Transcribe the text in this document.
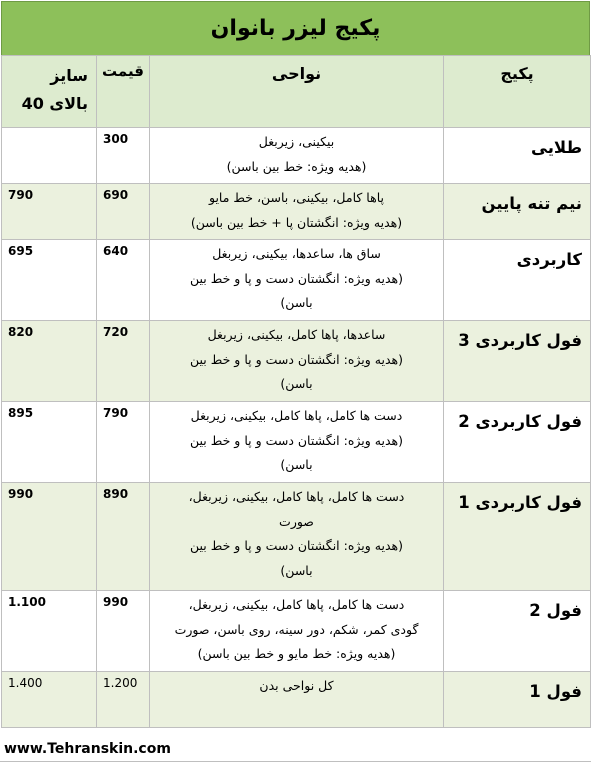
پکیج لیزر بانوان
پکیج	نواحی	قیمت	سایز
بالای 40

طلایی	بیکینی، زیربغل
(هدیه ویژه: خط بین باسن)	300	
نیم تنه پایین	پاها کامل، بیکینی، باسن، خط مایو
(هدیه ویژه: انگشتان پا + خط بین باسن)	690	790
کاربردی	ساق ها، ساعدها، بیکینی، زیربغل
(هدیه ویژه: انگشتان دست و پا و خط بین
باسن)	640	695
فول کاربردی 3	ساعدها، پاها کامل، بیکینی، زیربغل
(هدیه ویژه: انگشتان دست و پا و خط بین
باسن)	720	820
فول کاربردی 2	دست ها کامل، پاها کامل، بیکینی، زیربغل
(هدیه ویژه: انگشتان دست و پا و خط بین
باسن)	790	895
فول کاربردی 1	دست ها کامل، پاها کامل، بیکینی، زیربغل،
صورت
(هدیه ویژه: انگشتان دست و پا و خط بین
باسن)	890	990
فول 2	دست ها کامل، پاها کامل، بیکینی، زیربغل،
گودی کمر، شکم، دور سینه، روی باسن، صورت
(هدیه ویژه: خط مایو و خط بین باسن)	990	1.100
فول 1	کل نواحی بدن	1.200	1.400
www.Tehranskin.com
